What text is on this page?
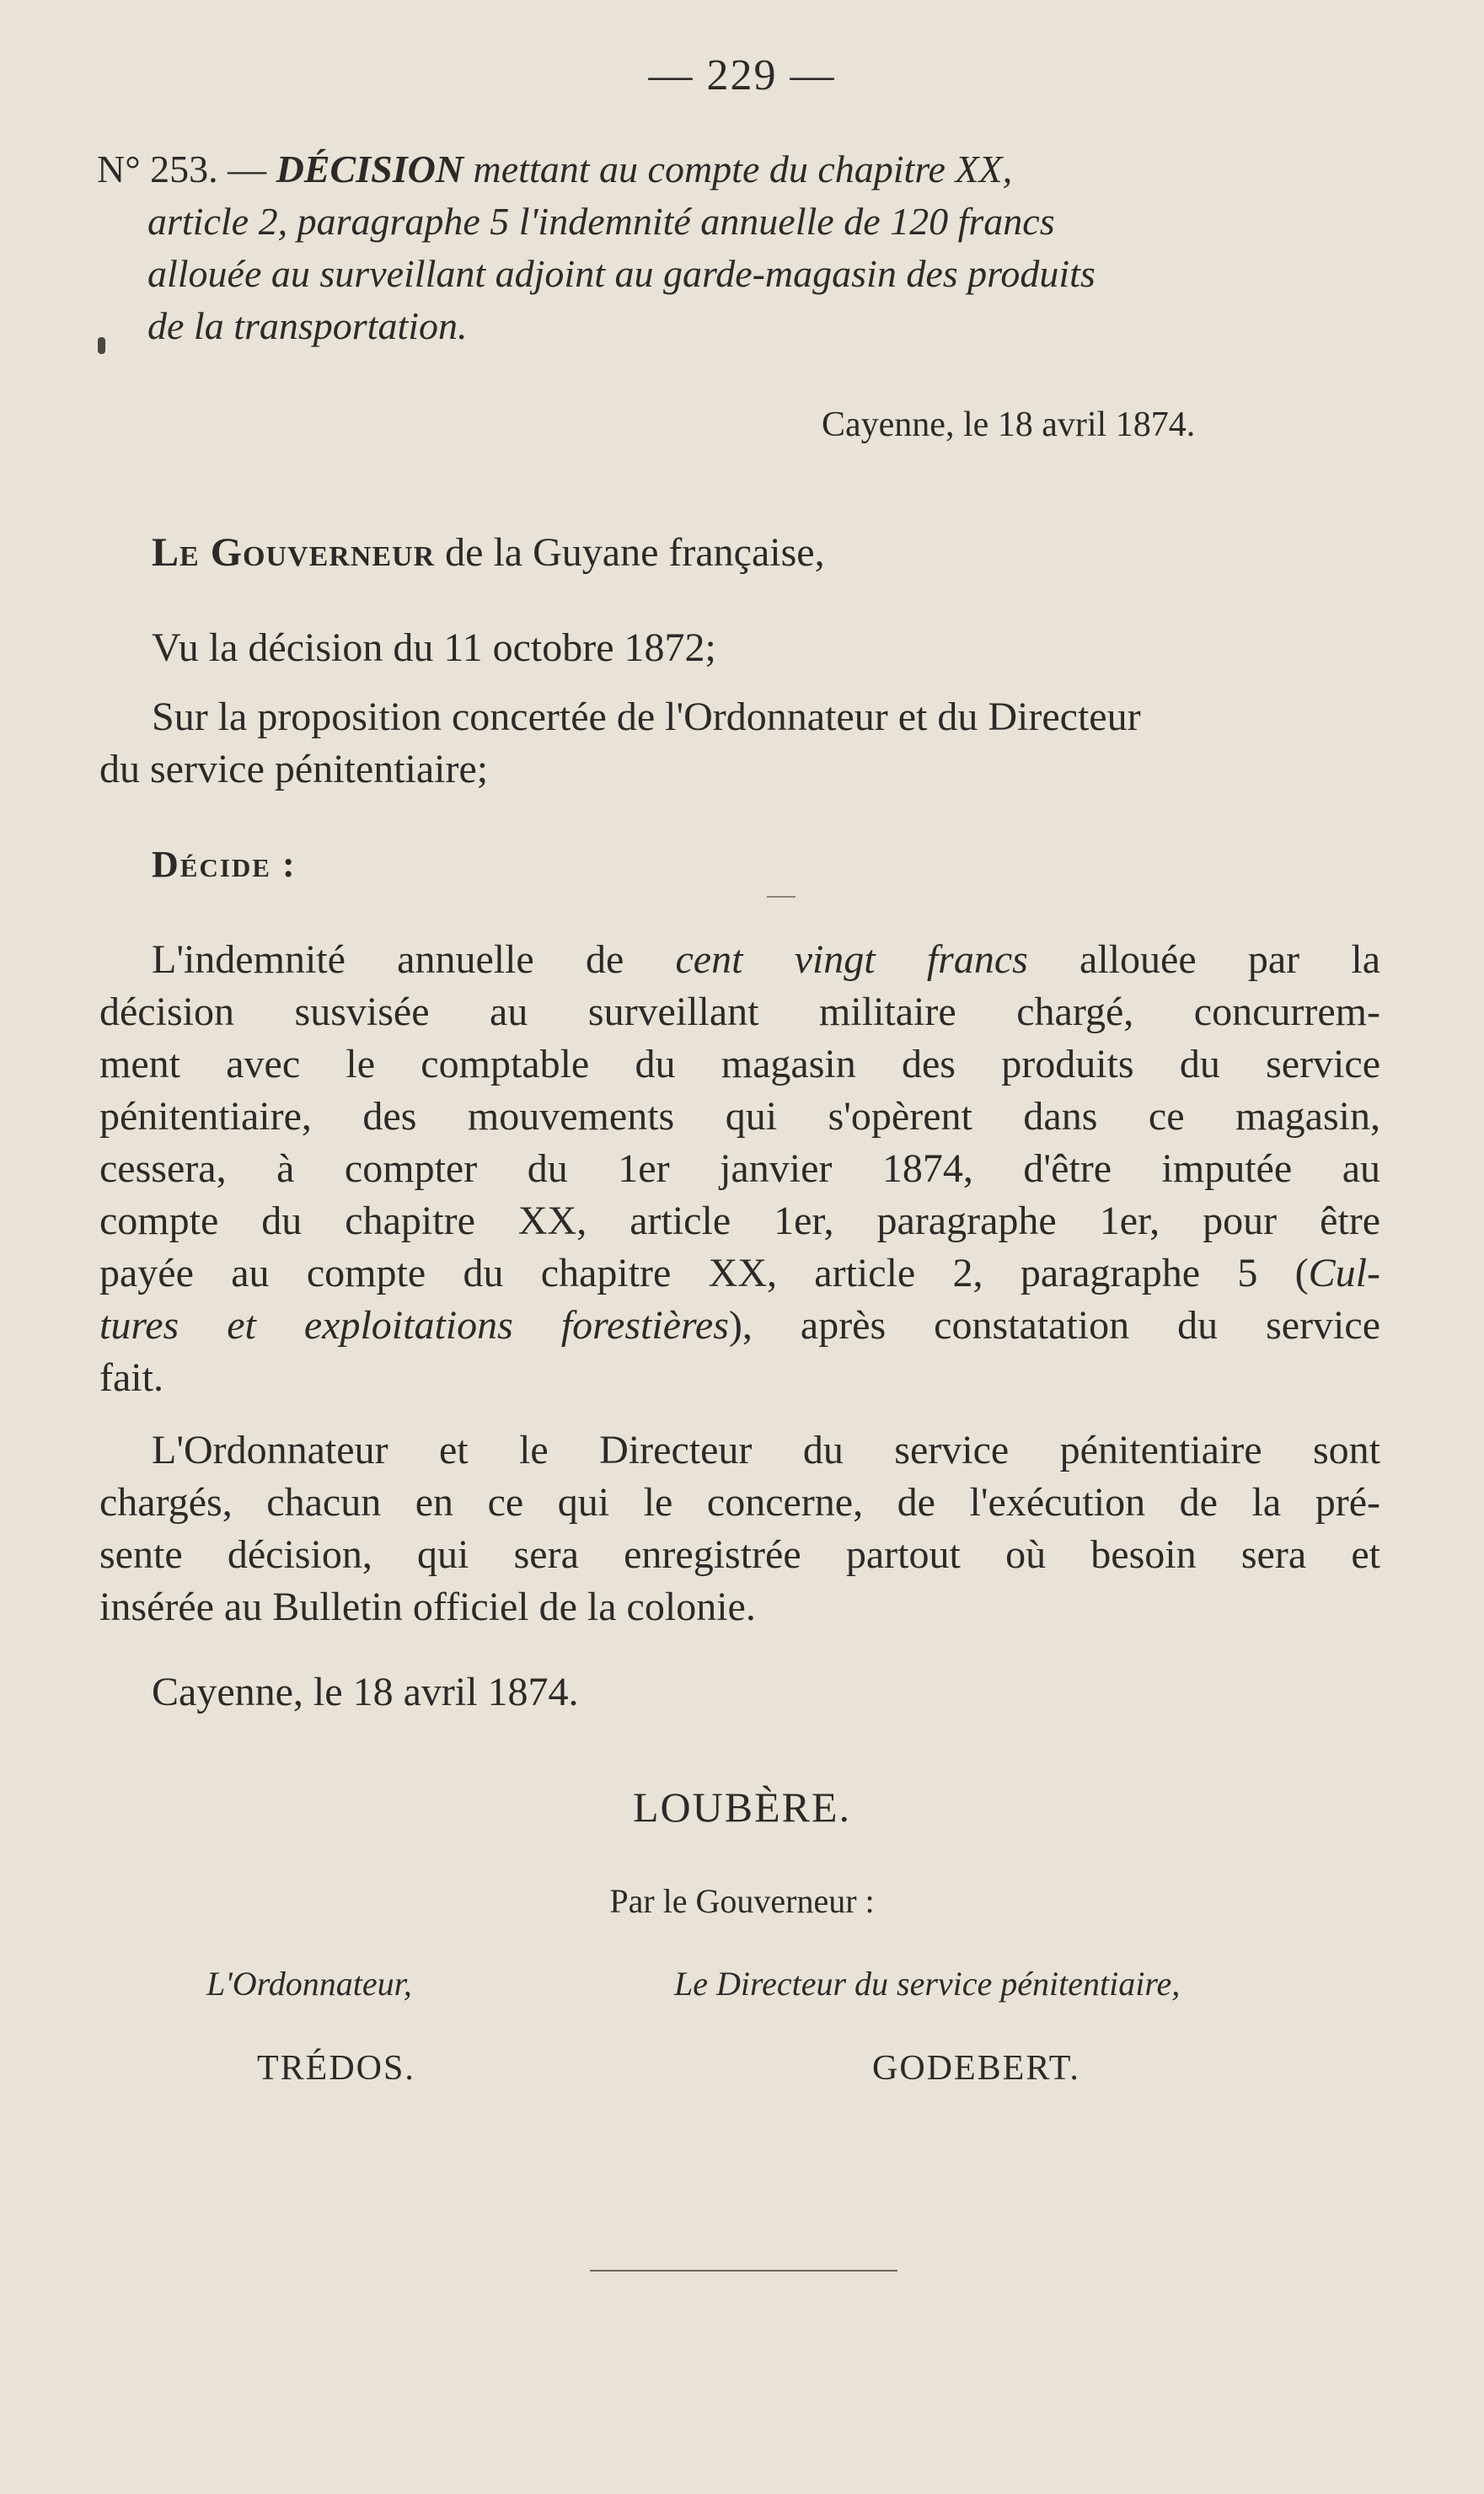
— 229 —
N° 253. — DÉCISION mettant au compte du chapitre XX,
article 2, paragraphe 5 l'indemnité annuelle de 120 francs
allouée au surveillant adjoint au garde-magasin des produits
de la transportation.
Cayenne, le 18 avril 1874.
Le Gouverneur de la Guyane française,
Vu la décision du 11 octobre 1872;
Sur la proposition concertée de l'Ordonnateur et du Directeur
du service pénitentiaire;
Décide :
L'indemnité annuelle de cent vingt francs allouée par la
décision susvisée au surveillant militaire chargé, concurrem-
ment avec le comptable du magasin des produits du service
pénitentiaire, des mouvements qui s'opèrent dans ce magasin,
cessera, à compter du 1er janvier 1874, d'être imputée au
compte du chapitre XX, article 1er, paragraphe 1er, pour être
payée au compte du chapitre XX, article 2, paragraphe 5 (Cul-
tures et exploitations forestières), après constatation du service
fait.
L'Ordonnateur et le Directeur du service pénitentiaire sont
chargés, chacun en ce qui le concerne, de l'exécution de la pré-
sente décision, qui sera enregistrée partout où besoin sera et
insérée au Bulletin officiel de la colonie.
Cayenne, le 18 avril 1874.
LOUBÈRE.
Par le Gouverneur :
L'Ordonnateur,	Le Directeur du service pénitentiaire,
TRÉDOS.	GODEBERT.
